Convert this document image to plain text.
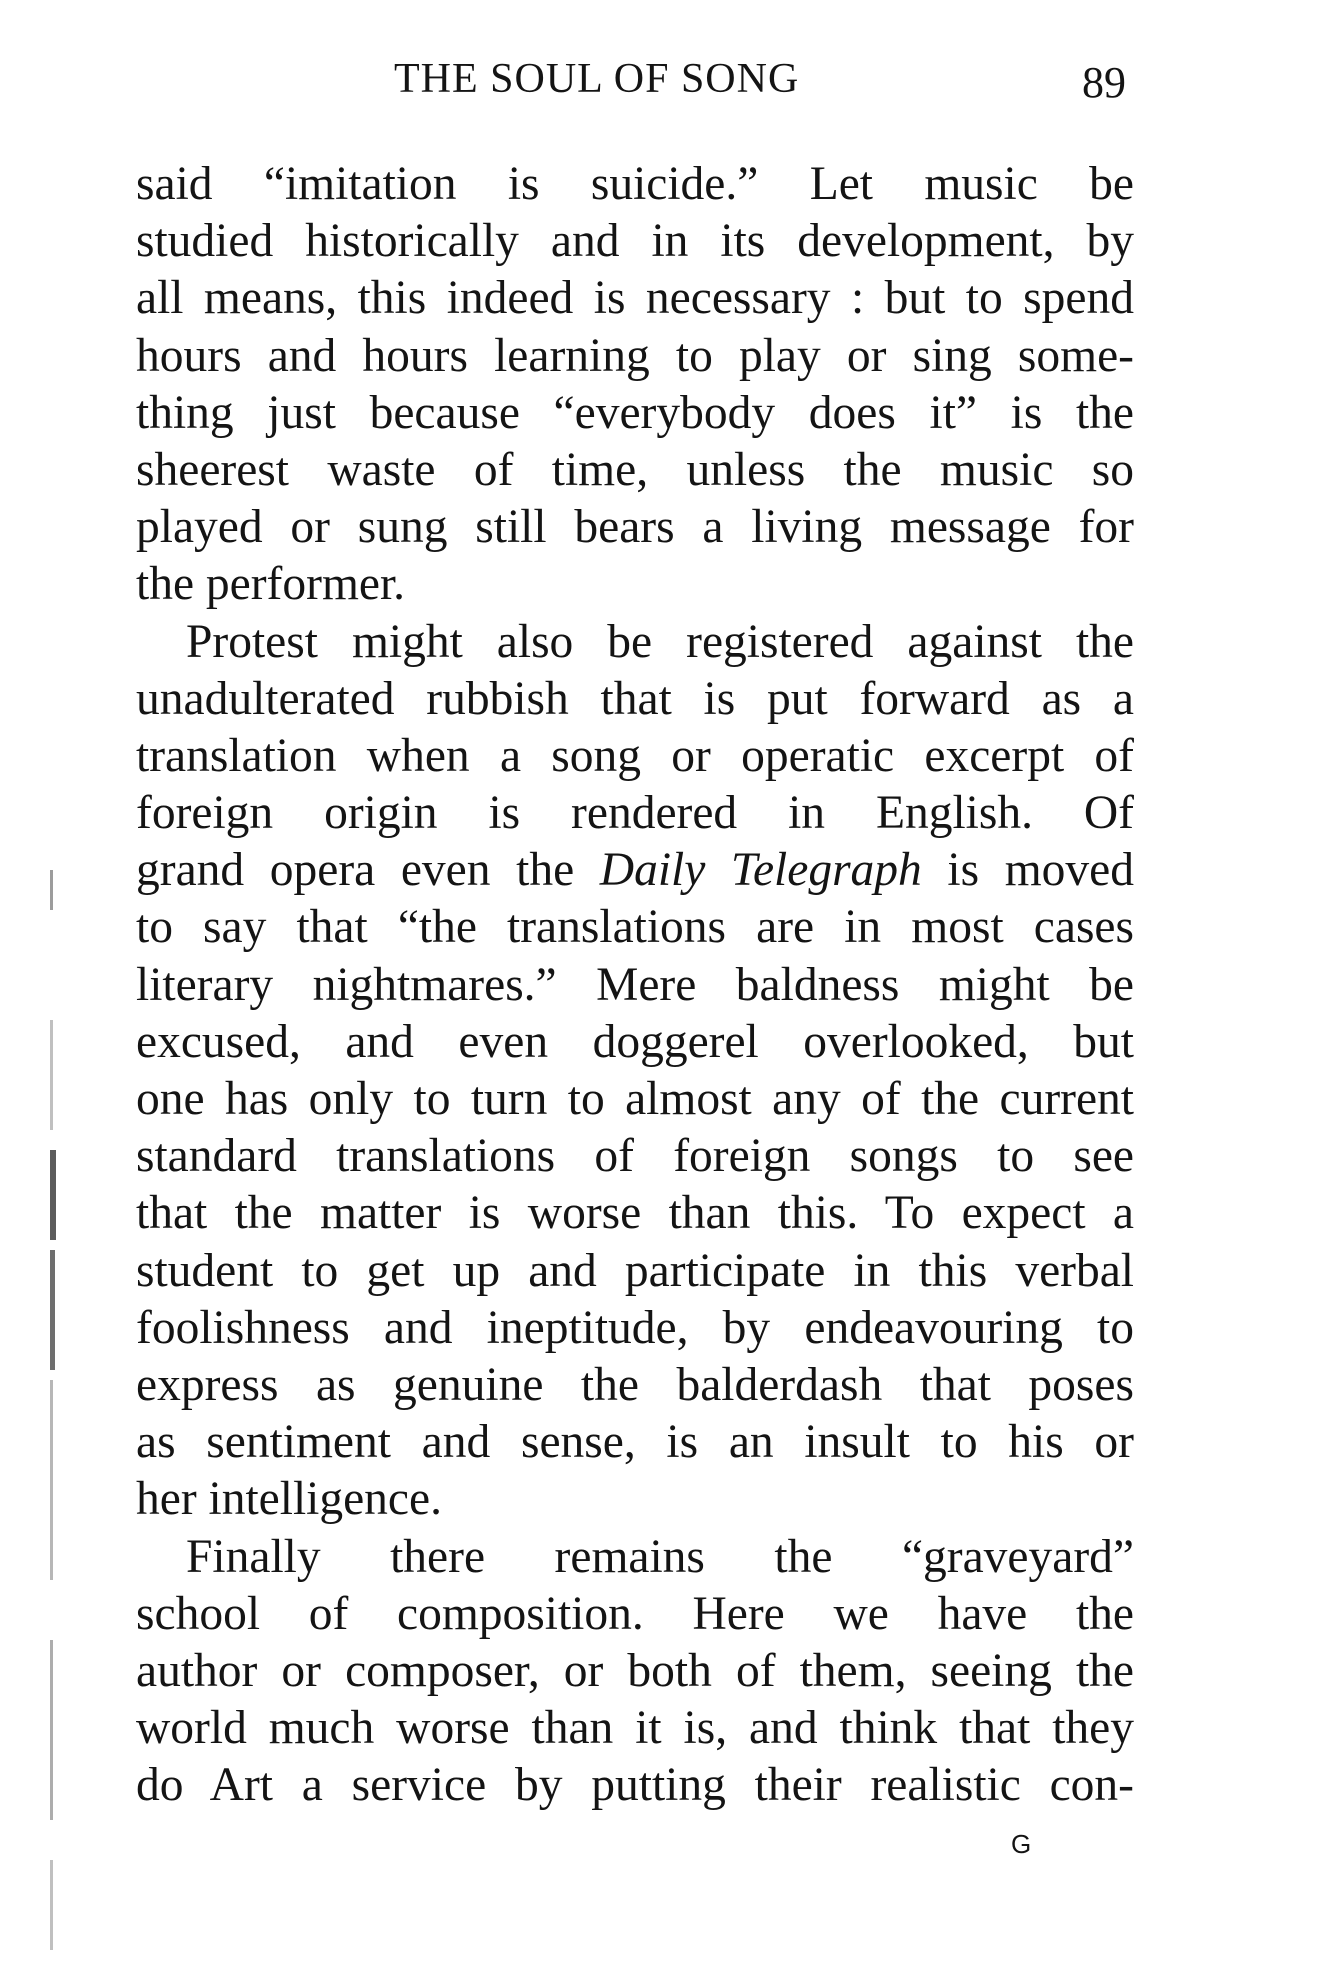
THE SOUL OF SONG	89
said “imitation is suicide.” Let music be
studied historically and in its development, by
all means, this indeed is necessary : but to spend
hours and hours learning to play or sing some-
thing just because “everybody does it” is the
sheerest waste of time, unless the music so
played or sung still bears a living message for
the performer.
Protest might also be registered against the
unadulterated rubbish that is put forward as a
translation when a song or operatic excerpt of
foreign origin is rendered in English. Of
grand opera even the Daily Telegraph is moved
to say that “the translations are in most cases
literary nightmares.” Mere baldness might be
excused, and even doggerel overlooked, but
one has only to turn to almost any of the current
standard translations of foreign songs to see
that the matter is worse than this. To expect a
student to get up and participate in this verbal
foolishness and ineptitude, by endeavouring to
express as genuine the balderdash that poses
as sentiment and sense, is an insult to his or
her intelligence.
Finally there remains the “graveyard”
school of composition. Here we have the
author or composer, or both of them, seeing the
world much worse than it is, and think that they
do Art a service by putting their realistic con-
G
